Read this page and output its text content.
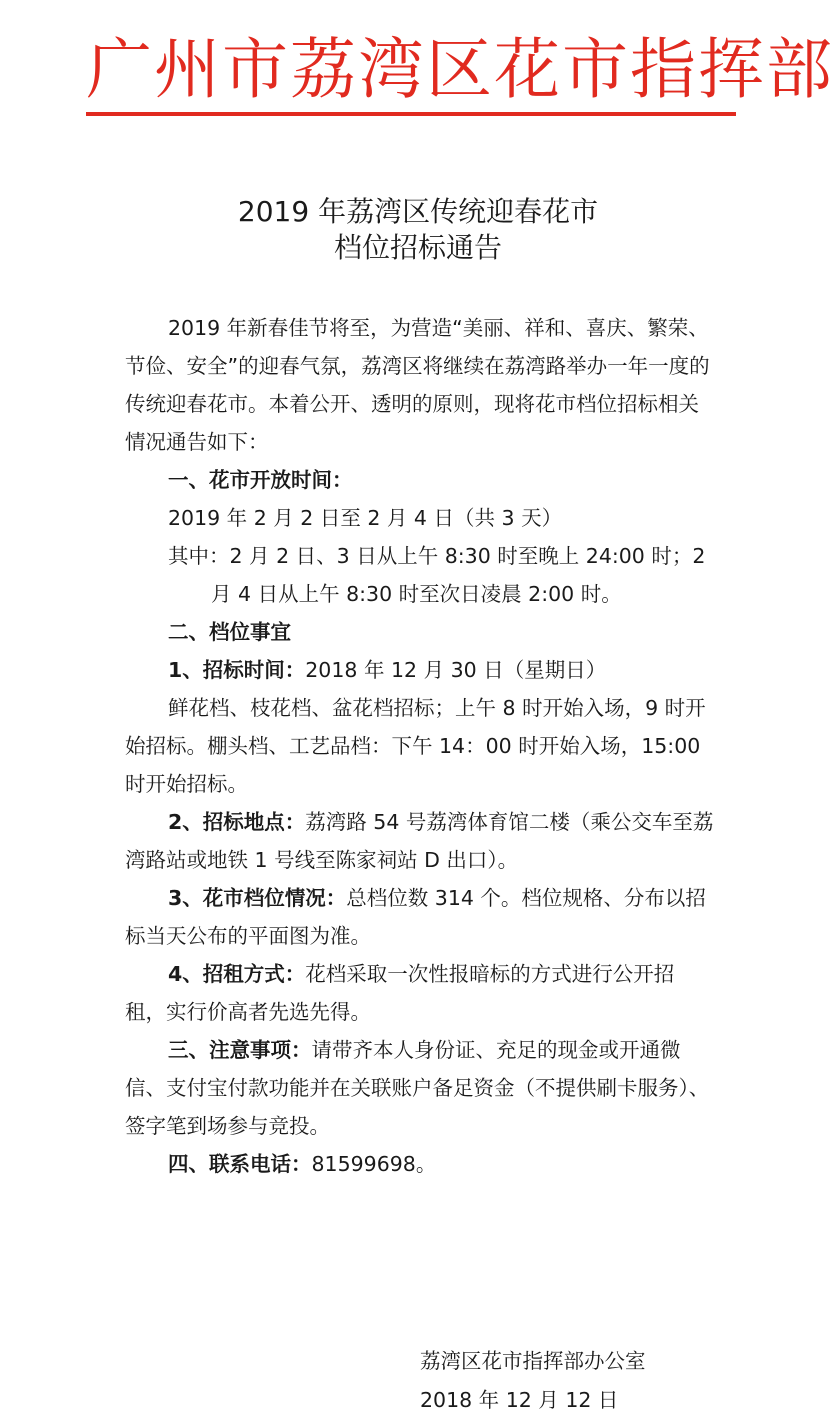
广州市荔湾区花市指挥部
2019 年荔湾区传统迎春花市
档位招标通告

2019 年新春佳节将至，为营造“美丽、祥和、喜庆、繁荣、节俭、安全”的迎春气氛，荔湾区将继续在荔湾路举办一年一度的传统迎春花市。本着公开、透明的原则，现将花市档位招标相关情况通告如下：

一、花市开放时间：

2019 年 2 月 2 日至 2 月 4 日（共 3 天）

其中：2 月 2 日、3 日从上午 8:30 时至晚上 24:00 时；2 月 4 日从上午 8:30 时至次日凌晨 2:00 时。

二、档位事宜

1、招标时间：2018 年 12 月 30 日（星期日）

鲜花档、枝花档、盆花档招标；上午 8 时开始入场，9 时开始招标。棚头档、工艺品档：下午 14：00 时开始入场，15:00 时开始招标。

2、招标地点：荔湾路 54 号荔湾体育馆二楼（乘公交车至荔湾路站或地铁 1 号线至陈家祠站 D 出口）。

3、花市档位情况：总档位数 314 个。档位规格、分布以招标当天公布的平面图为准。

4、招租方式：花档采取一次性报暗标的方式进行公开招租，实行价高者先选先得。

三、注意事项：请带齐本人身份证、充足的现金或开通微信、支付宝付款功能并在关联账户备足资金（不提供刷卡服务）、签字笔到场参与竞投。

四、联系电话：81599698。

荔湾区花市指挥部办公室
2018 年 12 月 12 日
